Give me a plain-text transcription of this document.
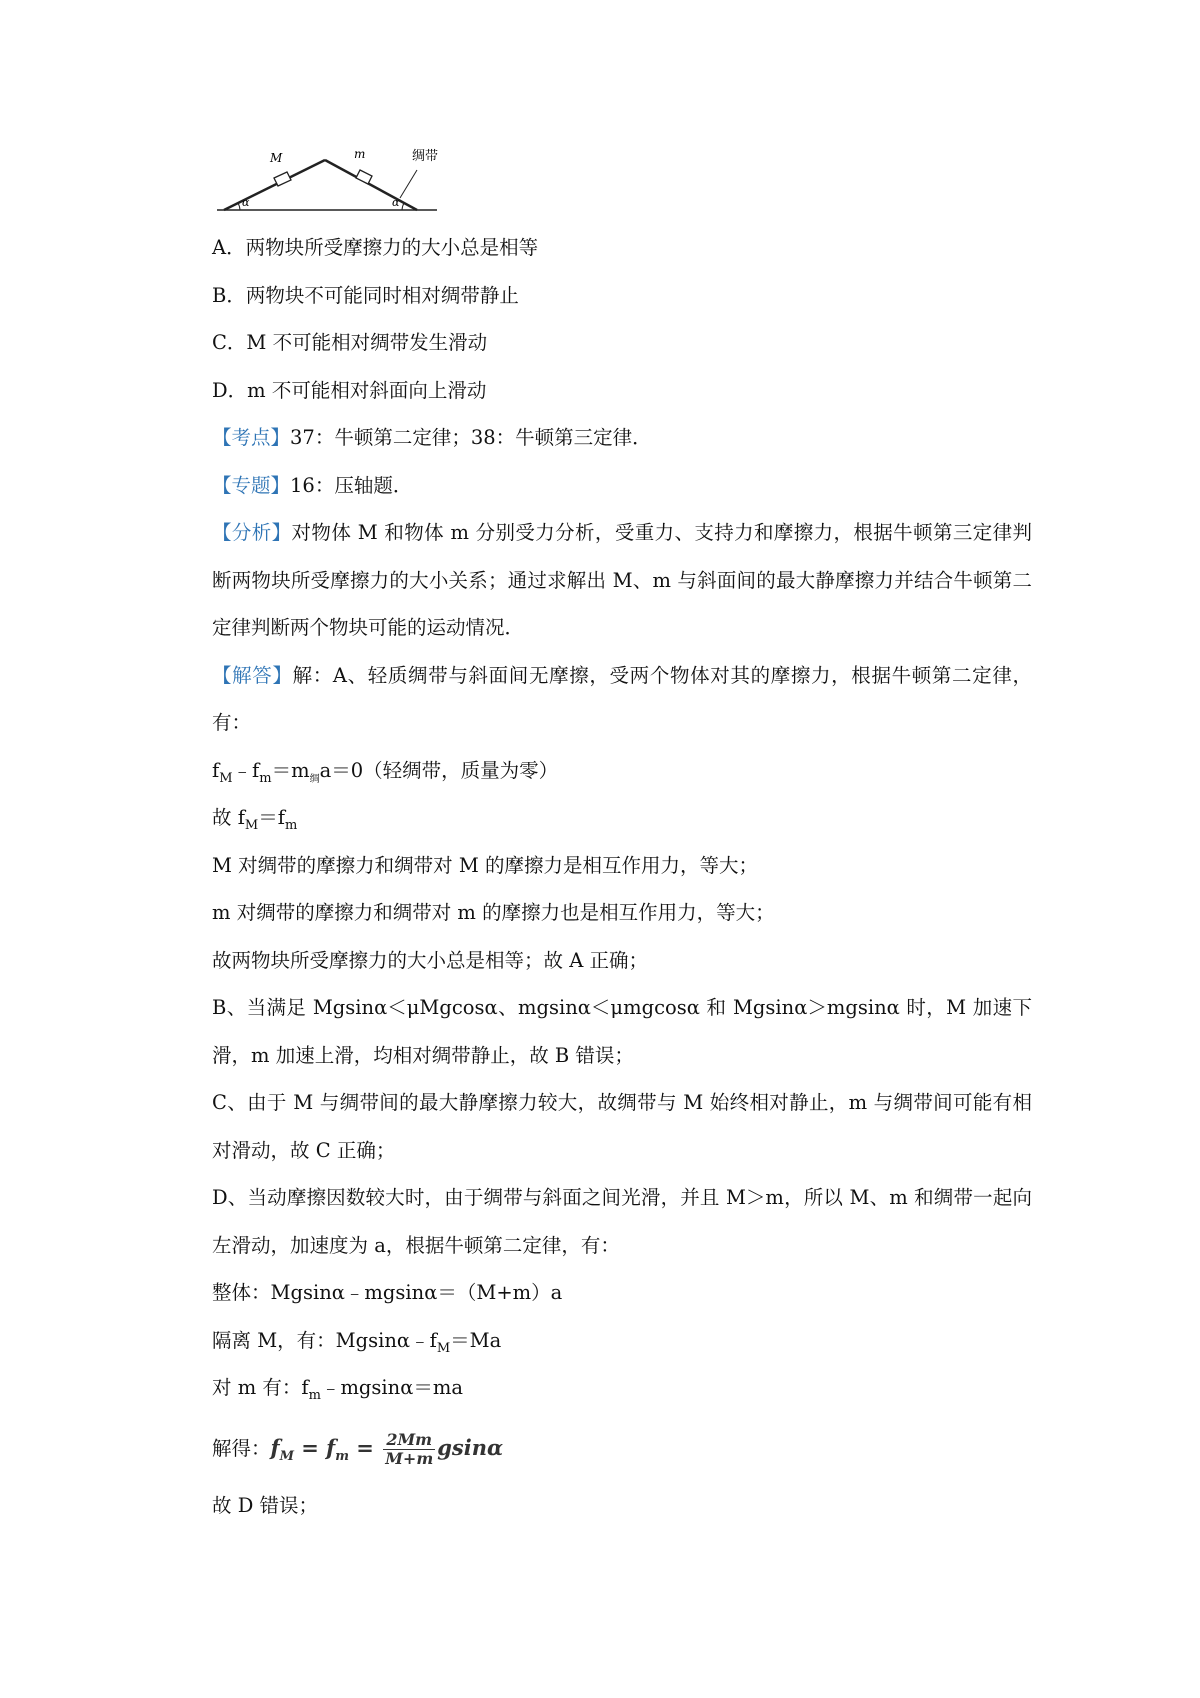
M	m	绸带
α	α
A．两物块所受摩擦力的大小总是相等
B．两物块不可能同时相对绸带静止
C．M 不可能相对绸带发生滑动
D．m 不可能相对斜面向上滑动
【考点】37：牛顿第二定律；38：牛顿第三定律．
【专题】16：压轴题．
【分析】对物体 M 和物体 m 分别受力分析，受重力、支持力和摩擦力，根据牛顿第三定律判断两物块所受摩擦力的大小关系；通过求解出 M、m 与斜面间的最大静摩擦力并结合牛顿第二定律判断两个物块可能的运动情况．
【解答】解：A、轻质绸带与斜面间无摩擦，受两个物体对其的摩擦力，根据牛顿第二定律，有：
$f_M﹣f_m=m_绸a=0$（轻绸带，质量为零）
故 $f_M=f_m$
M 对绸带的摩擦力和绸带对 M 的摩擦力是相互作用力，等大；
m 对绸带的摩擦力和绸带对 m 的摩擦力也是相互作用力，等大；
故两物块所受摩擦力的大小总是相等；故 A 正确；
B、当满足 Mgsinα＜μMgcosα、mgsinα＜μmgcosα 和 Mgsinα＞mgsinα 时，M 加速下滑，m 加速上滑，均相对绸带静止，故 B 错误；
C、由于 M 与绸带间的最大静摩擦力较大，故绸带与 M 始终相对静止，m 与绸带间可能有相对滑动，故 C 正确；
D、当动摩擦因数较大时，由于绸带与斜面之间光滑，并且 M＞m，所以 M、m 和绸带一起向左滑动，加速度为 a，根据牛顿第二定律，有：
整体：Mgsinα﹣mgsinα＝（M+m）a
隔离 M，有：$Mgsin\alpha﹣f_M=Ma$
对 m 有：$f_m﹣mgsin\alpha=ma$
解得：$f_M = f_m = \frac{2Mm}{M+m}$ gsinα
故 D 错误；
